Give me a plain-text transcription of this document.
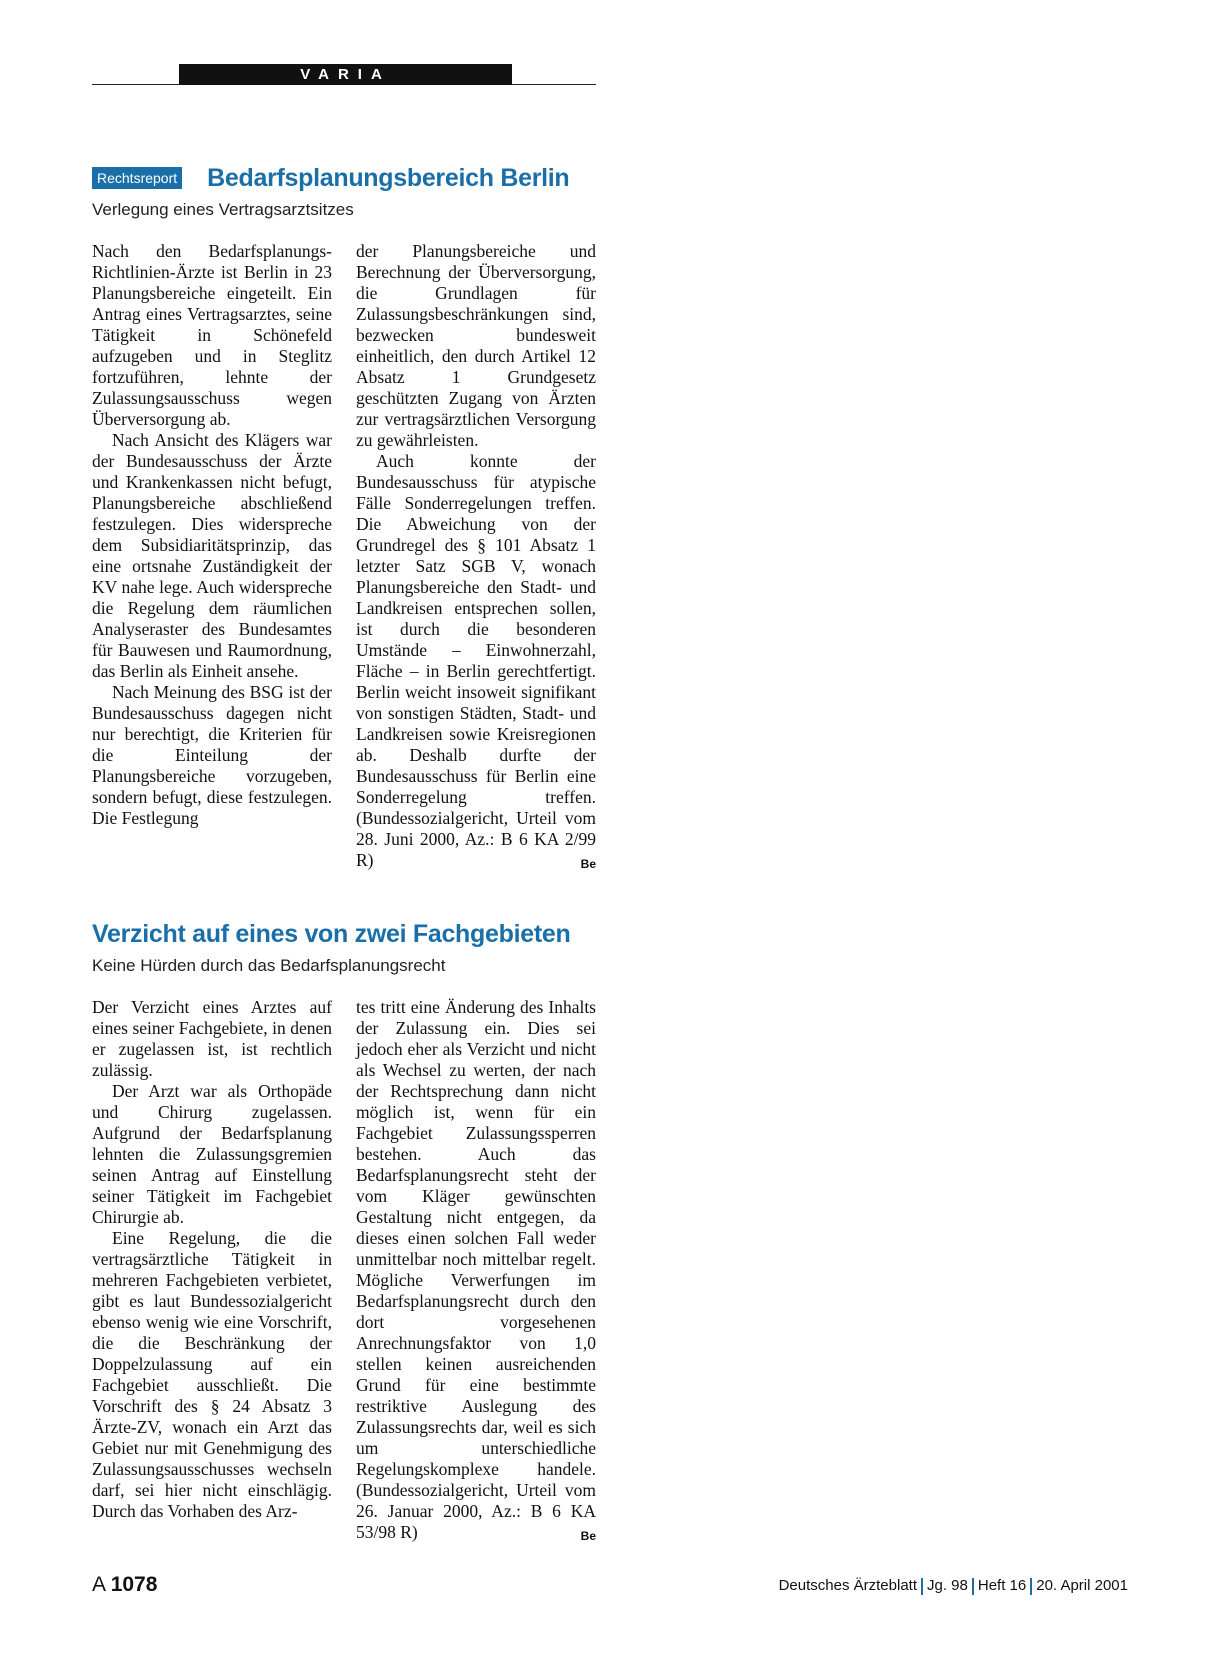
VARIA
Rechtsreport Bedarfsplanungsbereich Berlin
Verlegung eines Vertragsarztsitzes

Nach den Bedarfsplanungs-Richtlinien-Ärzte ist Berlin in 23 Planungsbereiche eingeteilt. Ein Antrag eines Vertragsarztes, seine Tätigkeit in Schönefeld aufzugeben und in Steglitz fortzuführen, lehnte der Zulassungsausschuss wegen Überversorgung ab.

Nach Ansicht des Klägers war der Bundesausschuss der Ärzte und Krankenkassen nicht befugt, Planungsbereiche abschließend festzulegen. Dies widerspreche dem Subsidiaritätsprinzip, das eine ortsnahe Zuständigkeit der KV nahe lege. Auch widerspreche die Regelung dem räumlichen Analyseraster des Bundesamtes für Bauwesen und Raumordnung, das Berlin als Einheit ansehe.

Nach Meinung des BSG ist der Bundesausschuss dagegen nicht nur berechtigt, die Kriterien für die Einteilung der Planungsbereiche vorzugeben, sondern befugt, diese festzulegen. Die Festlegung

der Planungsbereiche und Berechnung der Überversorgung, die Grundlagen für Zulassungsbeschränkungen sind, bezwecken bundesweit einheitlich, den durch Artikel 12 Absatz 1 Grundgesetz geschützten Zugang von Ärzten zur vertragsärztlichen Versorgung zu gewährleisten.

Auch konnte der Bundesausschuss für atypische Fälle Sonderregelungen treffen. Die Abweichung von der Grundregel des § 101 Absatz 1 letzter Satz SGB V, wonach Planungsbereiche den Stadt- und Landkreisen entsprechen sollen, ist durch die besonderen Umstände – Einwohnerzahl, Fläche – in Berlin gerechtfertigt. Berlin weicht insoweit signifikant von sonstigen Städten, Stadt- und Landkreisen sowie Kreisregionen ab. Deshalb durfte der Bundesausschuss für Berlin eine Sonderregelung treffen. (Bundessozialgericht, Urteil vom 28. Juni 2000, Az.: B 6 KA 2/99 R)	Be

Verzicht auf eines von zwei Fachgebieten
Keine Hürden durch das Bedarfsplanungsrecht

Der Verzicht eines Arztes auf eines seiner Fachgebiete, in denen er zugelassen ist, ist rechtlich zulässig.

Der Arzt war als Orthopäde und Chirurg zugelassen. Aufgrund der Bedarfsplanung lehnten die Zulassungsgremien seinen Antrag auf Einstellung seiner Tätigkeit im Fachgebiet Chirurgie ab.

Eine Regelung, die die vertragsärztliche Tätigkeit in mehreren Fachgebieten verbietet, gibt es laut Bundessozialgericht ebenso wenig wie eine Vorschrift, die die Beschränkung der Doppelzulassung auf ein Fachgebiet ausschließt. Die Vorschrift des § 24 Absatz 3 Ärzte-ZV, wonach ein Arzt das Gebiet nur mit Genehmigung des Zulassungsausschusses wechseln darf, sei hier nicht einschlägig. Durch das Vorhaben des Arz-

tes tritt eine Änderung des Inhalts der Zulassung ein. Dies sei jedoch eher als Verzicht und nicht als Wechsel zu werten, der nach der Rechtsprechung dann nicht möglich ist, wenn für ein Fachgebiet Zulassungssperren bestehen. Auch das Bedarfsplanungsrecht steht der vom Kläger gewünschten Gestaltung nicht entgegen, da dieses einen solchen Fall weder unmittelbar noch mittelbar regelt. Mögliche Verwerfungen im Bedarfsplanungsrecht durch den dort vorgesehenen Anrechnungsfaktor von 1,0 stellen keinen ausreichenden Grund für eine bestimmte restriktive Auslegung des Zulassungsrechts dar, weil es sich um unterschiedliche Regelungskomplexe handele. (Bundessozialgericht, Urteil vom 26. Januar 2000, Az.: B 6 KA 53/98 R)	Be

A 1078	Deutsches Ärzteblatt Jg. 98 Heft 16 20. April 2001
